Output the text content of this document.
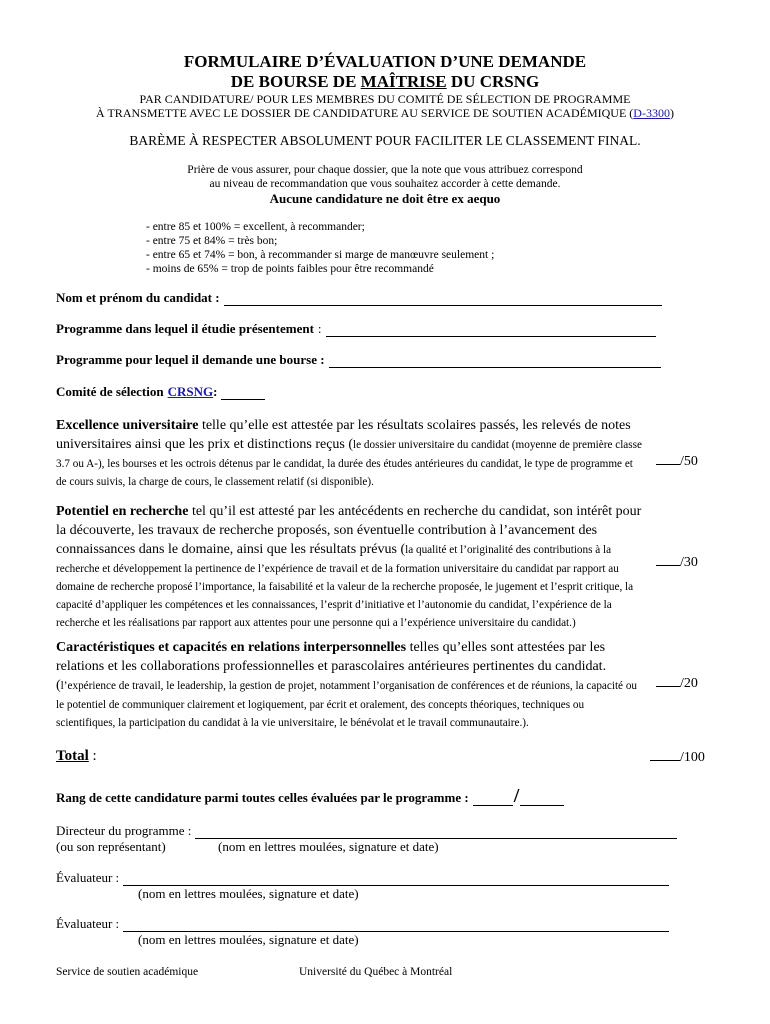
FORMULAIRE D’ÉVALUATION D’UNE DEMANDE
DE BOURSE DE MAÎTRISE DU CRSNG
PAR CANDIDATURE/ POUR LES MEMBRES DU COMITÉ DE SÉLECTION DE PROGRAMME
À TRANSMETTE AVEC LE DOSSIER DE CANDIDATURE AU SERVICE DE SOUTIEN ACADÉMIQUE (D-3300)
BARÈME À RESPECTER ABSOLUMENT POUR FACILITER LE CLASSEMENT FINAL.
Prière de vous assurer, pour chaque dossier, que la note que vous attribuez correspond
au niveau de recommandation que vous souhaitez accorder à cette demande.
Aucune candidature ne doit être ex aequo
- entre 85 et 100% = excellent, à recommander;
- entre 75 et 84% = très bon;
- entre 65 et 74% = bon, à recommander si marge de manœuvre seulement ;
- moins de 65% = trop de points faibles pour être recommandé
Nom et prénom du candidat :
Programme dans lequel il étudie présentement :
Programme pour lequel il demande une bourse :
Comité de sélection CRSNG :
Excellence universitaire telle qu’elle est attestée par les résultats scolaires passés, les relevés de notes universitaires ainsi que les prix et distinctions reçus (le dossier universitaire du candidat (moyenne de première classe 3.7 ou A-), les bourses et les octrois détenus par le candidat, la durée des études antérieures du candidat, le type de programme et de cours suivis, la charge de cours, le classement relatif (si disponible).
/50
Potentiel en recherche tel qu’il est attesté par les antécédents en recherche du candidat, son intérêt pour la découverte, les travaux de recherche proposés, son éventuelle contribution à l’avancement des connaissances dans le domaine, ainsi que les résultats prévus (la qualité et l’originalité des contributions à la recherche et développement la pertinence de l’expérience de travail et de la formation universitaire du candidat par rapport au domaine de recherche proposé l’importance, la faisabilité et la valeur de la recherche proposée, le jugement et l’esprit critique, la capacité d’appliquer les compétences et les connaissances, l’esprit d’initiative et l’autonomie du candidat, l’expérience de la recherche et les réalisations par rapport aux attentes pour une personne qui a l’expérience universitaire du candidat.)
/30
Caractéristiques et capacités en relations interpersonnelles telles qu’elles sont attestées par les relations et les collaborations professionnelles et parascolaires antérieures pertinentes du candidat. (l’expérience de travail, le leadership, la gestion de projet, notamment l’organisation de conférences et de réunions, la capacité ou le potentiel de communiquer clairement et logiquement, par écrit et oralement, des concepts théoriques, techniques ou scientifiques, la participation du candidat à la vie universitaire, le bénévolat et le travail communautaire.).
/20
Total :	/100
Rang de cette candidature parmi toutes celles évaluées par le programme : /
Directeur du programme :
(ou son représentant)	(nom en lettres moulées, signature et date)
Évaluateur :
(nom en lettres moulées, signature et date)
Évaluateur :
(nom en lettres moulées, signature et date)
Service de soutien académique	Université du Québec à Montréal
